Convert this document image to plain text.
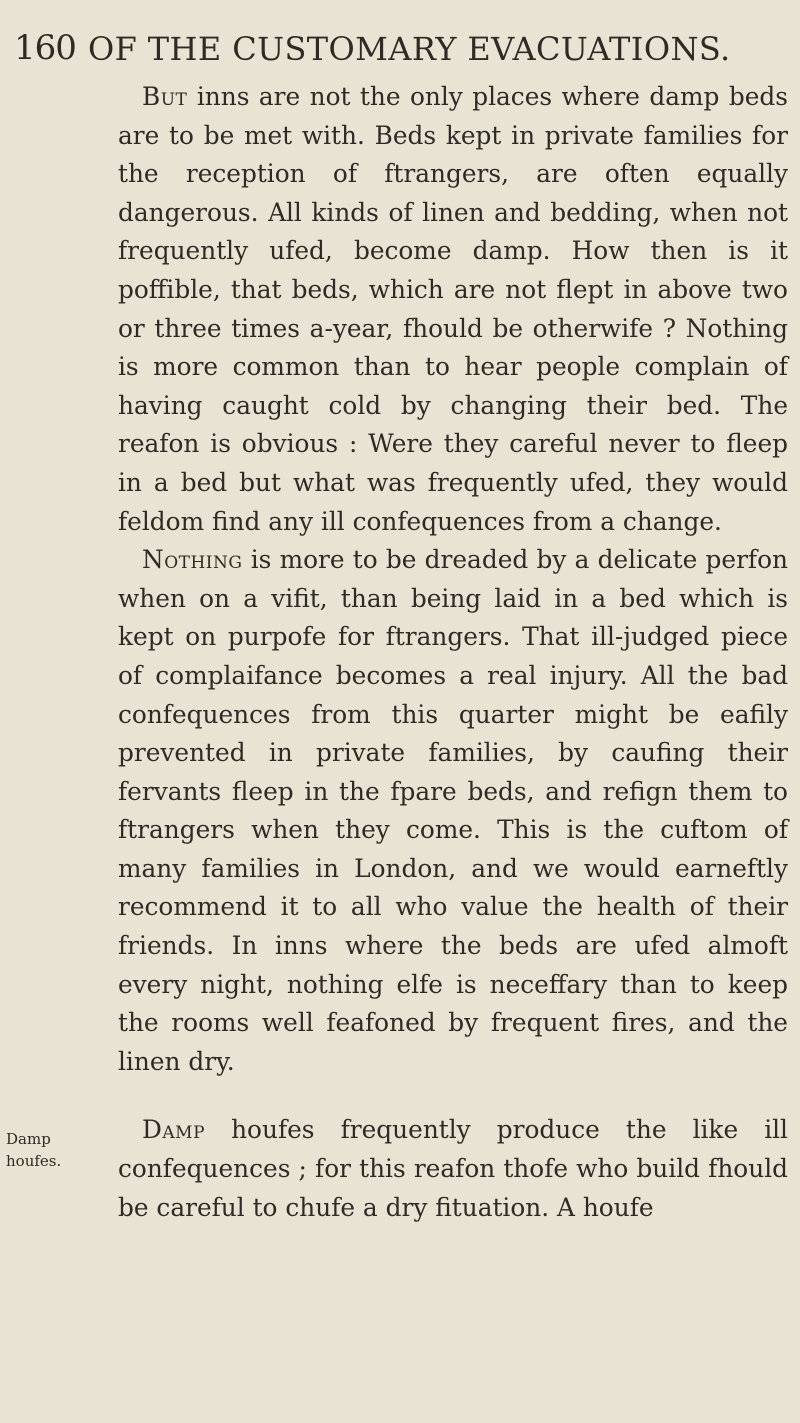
160 OF THE CUSTOMARY EVACUATIONS.

But inns are not the only places where damp beds are to be met with. Beds kept in private families for the reception of ftrangers, are often equally dangerous. All kinds of linen and bedding, when not frequently ufed, become damp. How then is it poffible, that beds, which are not flept in above two or three times a-year, fhould be otherwife ? Nothing is more common than to hear people complain of having caught cold by changing their bed. The reafon is obvious : Were they careful never to fleep in a bed but what was frequently ufed, they would feldom find any ill confequences from a change.

Nothing is more to be dreaded by a delicate perfon when on a vifit, than being laid in a bed which is kept on purpofe for ftrangers. That ill-judged piece of complaifance becomes a real injury. All the bad confequences from this quarter might be eafily prevented in private families, by caufing their fervants fleep in the fpare beds, and refign them to ftrangers when they come. This is the cuftom of many families in London, and we would earneftly recommend it to all who value the health of their friends. In inns where the beds are ufed almoft every night, nothing elfe is neceffary than to keep the rooms well feafoned by frequent fires, and the linen dry.

Damp houfes frequently produce the like ill confequences ; for this reafon thofe who build fhould be careful to chufe a dry fituation. A houfe

Damp
houfes.
